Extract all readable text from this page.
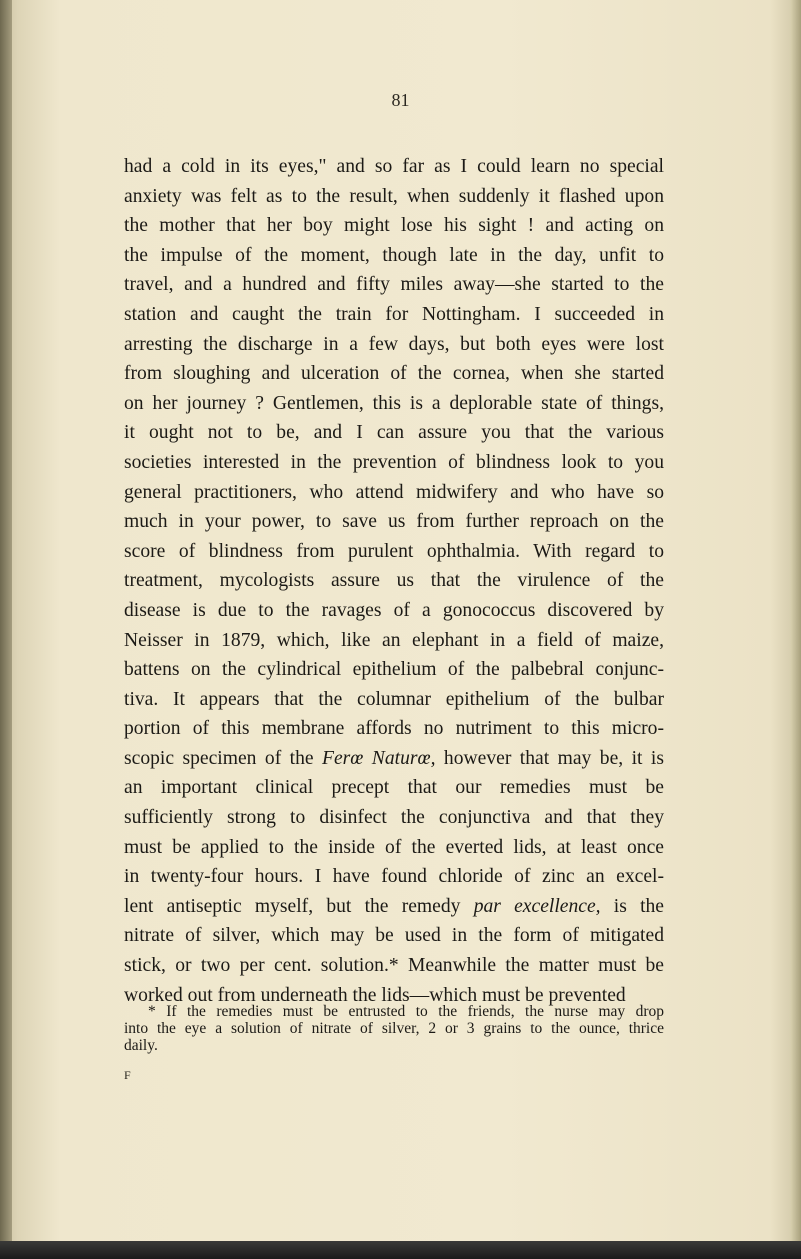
81
had a cold in its eyes," and so far as I could learn no special
anxiety was felt as to the result, when suddenly it flashed upon
the mother that her boy might lose his sight ! and acting on
the impulse of the moment, though late in the day, unfit to
travel, and a hundred and fifty miles away—she started to the
station and caught the train for Nottingham. I succeeded in
arresting the discharge in a few days, but both eyes were lost
from sloughing and ulceration of the cornea, when she started
on her journey ? Gentlemen, this is a deplorable state of things,
it ought not to be, and I can assure you that the various
societies interested in the prevention of blindness look to you
general practitioners, who attend midwifery and who have so
much in your power, to save us from further reproach on the
score of blindness from purulent ophthalmia. With regard to
treatment, mycologists assure us that the virulence of the
disease is due to the ravages of a gonococcus discovered by
Neisser in 1879, which, like an elephant in a field of maize,
battens on the cylindrical epithelium of the palbebral conjunc-
tiva. It appears that the columnar epithelium of the bulbar
portion of this membrane affords no nutriment to this micro-
scopic specimen of the Ferœ Naturœ, however that may be, it is
an important clinical precept that our remedies must be
sufficiently strong to disinfect the conjunctiva and that they
must be applied to the inside of the everted lids, at least once
in twenty-four hours. I have found chloride of zinc an excel-
lent antiseptic myself, but the remedy par excellence, is the
nitrate of silver, which may be used in the form of mitigated
stick, or two per cent. solution.* Meanwhile the matter must be
worked out from underneath the lids—which must be prevented
* If the remedies must be entrusted to the friends, the nurse may drop
into the eye a solution of nitrate of silver, 2 or 3 grains to the ounce, thrice
daily.
F
